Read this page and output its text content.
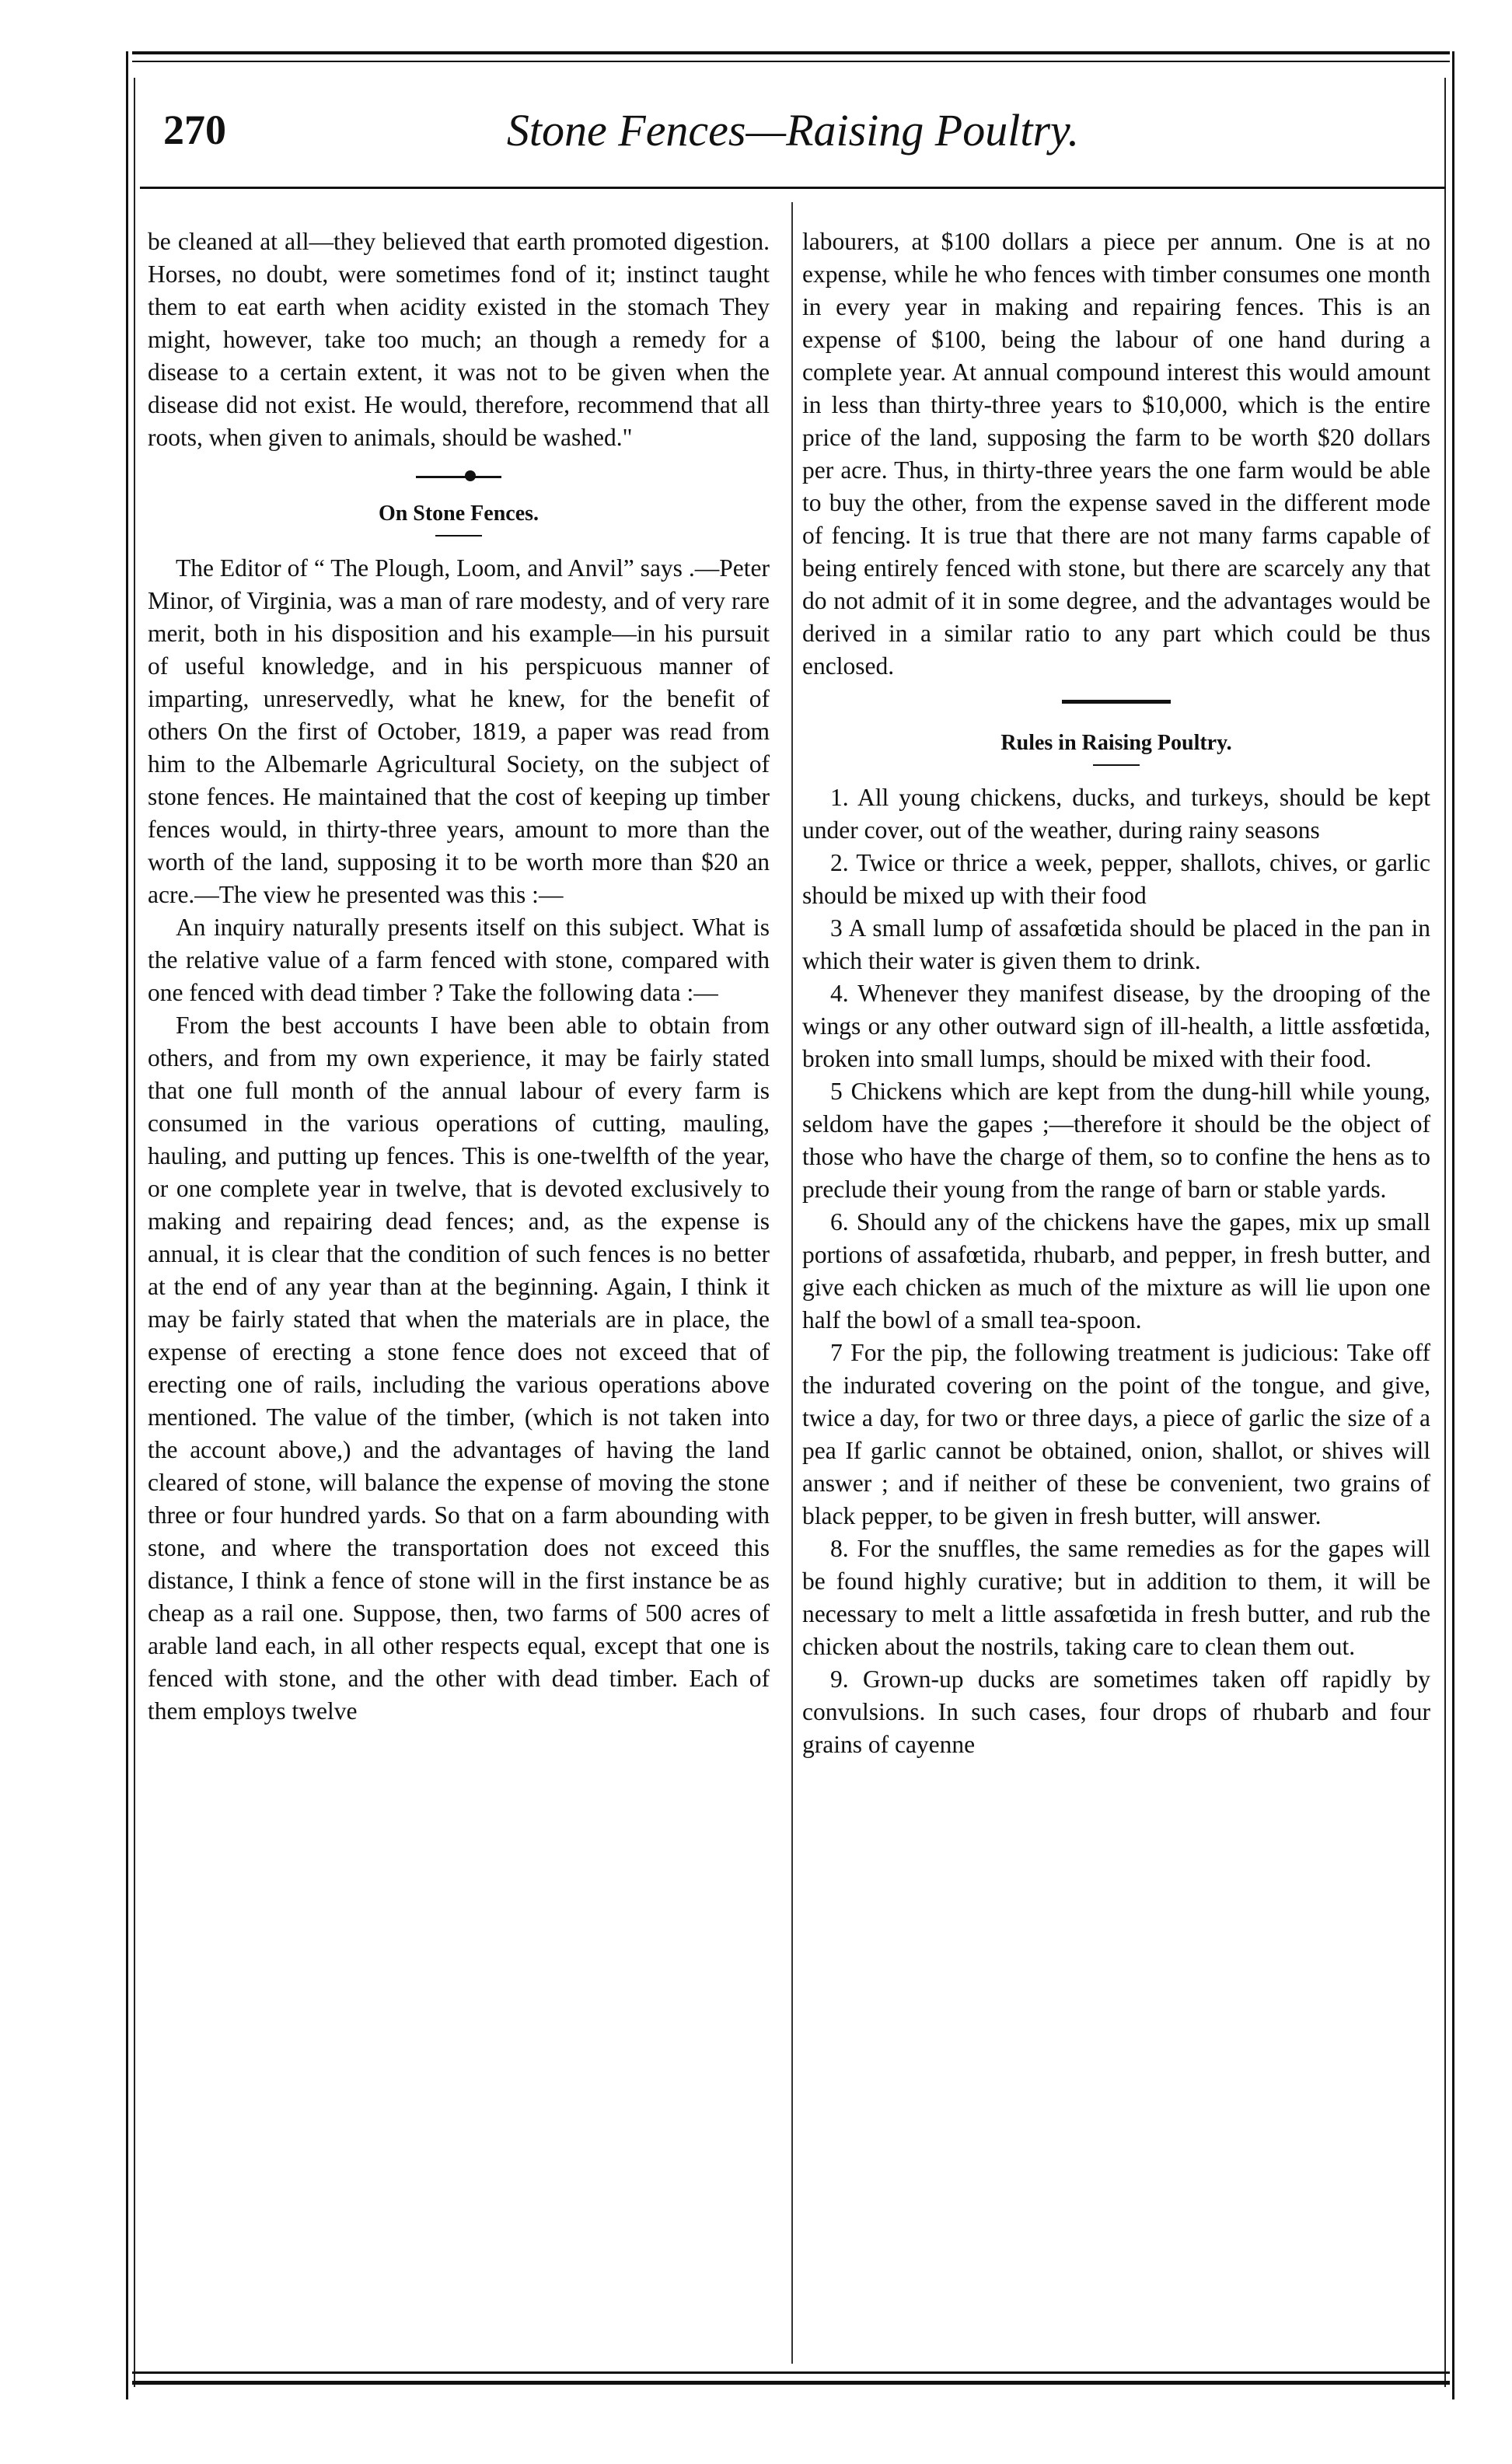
270	Stone Fences—Raising Poultry.

be cleaned at all—they believed that earth promoted digestion. Horses, no doubt, were sometimes fond of it; instinct taught them to eat earth when acidity existed in the stomach They might, however, take too much; an though a remedy for a disease to a certain extent, it was not to be given when the disease did not exist. He would, therefore, recommend that all roots, when given to animals, should be washed."

On Stone Fences.

The Editor of “ The Plough, Loom, and Anvil” says .—Peter Minor, of Virginia, was a man of rare modesty, and of very rare merit, both in his disposition and his example—in his pursuit of useful knowledge, and in his perspicuous manner of imparting, unreservedly, what he knew, for the benefit of others On the first of October, 1819, a paper was read from him to the Albemarle Agricultural Society, on the subject of stone fences. He maintained that the cost of keeping up timber fences would, in thirty-three years, amount to more than the worth of the land, supposing it to be worth more than $20 an acre.—The view he presented was this :—

An inquiry naturally presents itself on this subject. What is the relative value of a farm fenced with stone, compared with one fenced with dead timber ? Take the following data :—

From the best accounts I have been able to obtain from others, and from my own experience, it may be fairly stated that one full month of the annual labour of every farm is consumed in the various operations of cutting, mauling, hauling, and putting up fences. This is one-twelfth of the year, or one complete year in twelve, that is devoted exclusively to making and repairing dead fences; and, as the expense is annual, it is clear that the condition of such fences is no better at the end of any year than at the beginning. Again, I think it may be fairly stated that when the materials are in place, the expense of erecting a stone fence does not exceed that of erecting one of rails, including the various operations above mentioned. The value of the timber, (which is not taken into the account above,) and the advantages of having the land cleared of stone, will balance the expense of moving the stone three or four hundred yards. So that on a farm abounding with stone, and where the transportation does not exceed this distance, I think a fence of stone will in the first instance be as cheap as a rail one. Suppose, then, two farms of 500 acres of arable land each, in all other respects equal, except that one is fenced with stone, and the other with dead timber. Each of them employs twelve

labourers, at $100 dollars a piece per annum. One is at no expense, while he who fences with timber consumes one month in every year in making and repairing fences. This is an expense of $100, being the labour of one hand during a complete year. At annual compound interest this would amount in less than thirty-three years to $10,000, which is the entire price of the land, supposing the farm to be worth $20 dollars per acre. Thus, in thirty-three years the one farm would be able to buy the other, from the expense saved in the different mode of fencing. It is true that there are not many farms capable of being entirely fenced with stone, but there are scarcely any that do not admit of it in some degree, and the advantages would be derived in a similar ratio to any part which could be thus enclosed.

Rules in Raising Poultry.

1. All young chickens, ducks, and turkeys, should be kept under cover, out of the weather, during rainy seasons

2. Twice or thrice a week, pepper, shallots, chives, or garlic should be mixed up with their food

3 A small lump of assafœtida should be placed in the pan in which their water is given them to drink.

4. Whenever they manifest disease, by the drooping of the wings or any other outward sign of ill-health, a little assfœtida, broken into small lumps, should be mixed with their food.

5 Chickens which are kept from the dung-hill while young, seldom have the gapes ;—therefore it should be the object of those who have the charge of them, so to confine the hens as to preclude their young from the range of barn or stable yards.

6. Should any of the chickens have the gapes, mix up small portions of assafœtida, rhubarb, and pepper, in fresh butter, and give each chicken as much of the mixture as will lie upon one half the bowl of a small tea-spoon.

7 For the pip, the following treatment is judicious: Take off the indurated covering on the point of the tongue, and give, twice a day, for two or three days, a piece of garlic the size of a pea If garlic cannot be obtained, onion, shallot, or shives will answer ; and if neither of these be convenient, two grains of black pepper, to be given in fresh butter, will answer.

8. For the snuffles, the same remedies as for the gapes will be found highly curative; but in addition to them, it will be necessary to melt a little assafœtida in fresh butter, and rub the chicken about the nostrils, taking care to clean them out.

9. Grown-up ducks are sometimes taken off rapidly by convulsions. In such cases, four drops of rhubarb and four grains of cayenne
